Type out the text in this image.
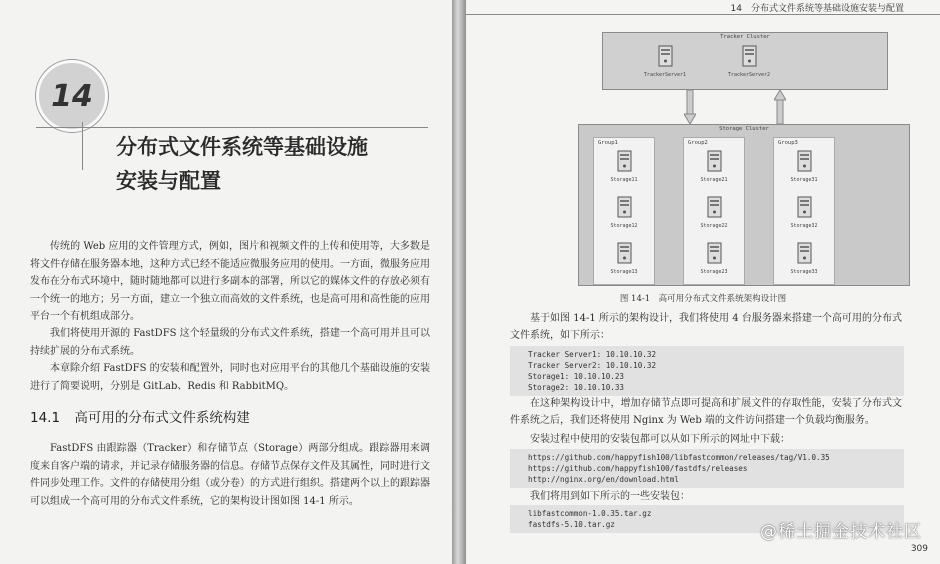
14
分布式文件系统等基础设施
安装与配置
传统的 Web 应用的文件管理方式，例如，图片和视频文件的上传和使用等，大多数是将文件存储在服务器本地，这种方式已经不能适应微服务应用的使用。一方面，微服务应用发布在分布式环境中，随时随地都可以进行多副本的部署，所以它的媒体文件的存放必须有一个统一的地方；另一方面，建立一个独立而高效的文件系统，也是高可用和高性能的应用平台一个有机组成部分。
我们将使用开源的 FastDFS 这个轻量级的分布式文件系统，搭建一个高可用并且可以持续扩展的分布式系统。
本章除介绍 FastDFS 的安装和配置外，同时也对应用平台的其他几个基础设施的安装进行了简要说明，分别是 GitLab、Redis 和 RabbitMQ。
14.1 高可用的分布式文件系统构建
FastDFS 由跟踪器（Tracker）和存储节点（Storage）两部分组成。跟踪器用来调度来自客户端的请求，并记录存储服务器的信息。存储节点保存文件及其属性，同时进行文件同步处理工作。文件的存储使用分组（或分卷）的方式进行组织。搭建两个以上的跟踪器可以组成一个高可用的分布式文件系统，它的架构设计图如图 14-1 所示。
14　分布式文件系统等基础设施安装与配置
Tracker Cluster
TrackerServer1	TrackerServer2
Storage Cluster
Group1
Storage11
Storage12
Storage13
Group2
Storage21
Storage22
Storage23
Group3
Storage31
Storage32
Storage33
图 14-1　高可用分布式文件系统架构设计图
基于如图 14-1 所示的架构设计，我们将使用 4 台服务器来搭建一个高可用的分布式文件系统，如下所示：
Tracker Server1: 10.10.10.32
Tracker Server2: 10.10.10.32
Storage1: 10.10.10.23
Storage2: 10.10.10.33
在这种架构设计中，增加存储节点即可提高和扩展文件的存取性能，安装了分布式文件系统之后，我们还将使用 Nginx 为 Web 端的文件访问搭建一个负载均衡服务。
安装过程中使用的安装包都可以从如下所示的网址中下载：
https://github.com/happyfish100/libfastcommon/releases/tag/V1.0.35
https://github.com/happyfish100/fastdfs/releases
http://nginx.org/en/download.html
我们将用到如下所示的一些安装包：
libfastcommon-1.0.35.tar.gz
fastdfs-5.10.tar.gz	@稀土掘金技术社区
309
